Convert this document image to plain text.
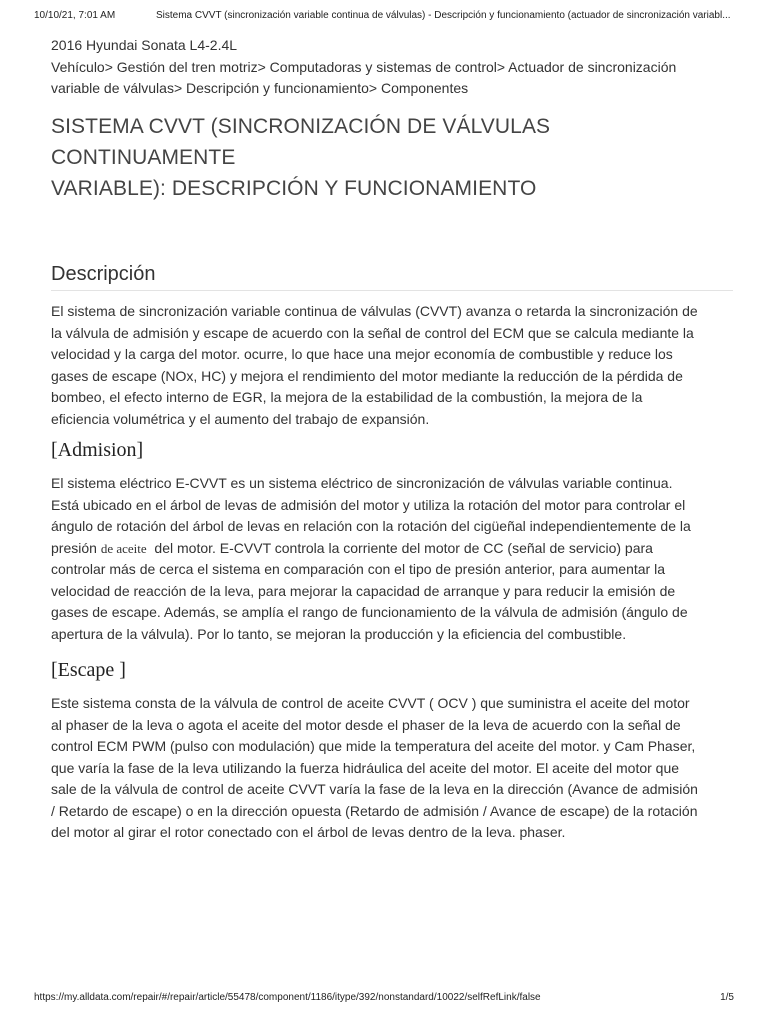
10/10/21, 7:01 AM	Sistema CVVT (sincronización variable continua de válvulas) - Descripción y funcionamiento (actuador de sincronización variabl...
2016 Hyundai Sonata L4-2.4L
Vehículo> Gestión del tren motriz> Computadoras y sistemas de control> Actuador de sincronización
variable de válvulas> Descripción y funcionamiento> Componentes
SISTEMA CVVT (SINCRONIZACIÓN DE VÁLVULAS CONTINUAMENTE
VARIABLE): DESCRIPCIÓN Y FUNCIONAMIENTO
Descripción

El sistema de sincronización variable continua de válvulas (CVVT) avanza o retarda la sincronización de
la válvula de admisión y escape de acuerdo con la señal de control del ECM que se calcula mediante la
velocidad y la carga del motor. ocurre, lo que hace una mejor economía de combustible y reduce los
gases de escape (NOx, HC) y mejora el rendimiento del motor mediante la reducción de la pérdida de
bombeo, el efecto interno de EGR, la mejora de la estabilidad de la combustión, la mejora de la
eficiencia volumétrica y el aumento del trabajo de expansión.

[Admision]

El sistema eléctrico E-CVVT es un sistema eléctrico de sincronización de válvulas variable continua.
Está ubicado en el árbol de levas de admisión del motor y utiliza la rotación del motor para controlar el
ángulo de rotación del árbol de levas en relación con la rotación del cigüeñal independientemente de la
presión de aceite  del motor. E-CVVT controla la corriente del motor de CC (señal de servicio) para
controlar más de cerca el sistema en comparación con el tipo de presión anterior, para aumentar la
velocidad de reacción de la leva, para mejorar la capacidad de arranque y para reducir la emisión de
gases de escape. Además, se amplía el rango de funcionamiento de la válvula de admisión (ángulo de
apertura de la válvula). Por lo tanto, se mejoran la producción y la eficiencia del combustible.

[Escape ]

Este sistema consta de la válvula de control de aceite CVVT ( OCV ) que suministra el aceite del motor
al phaser de la leva o agota el aceite del motor desde el phaser de la leva de acuerdo con la señal de
control ECM PWM (pulso con modulación) que mide la temperatura del aceite del motor. y Cam Phaser,
que varía la fase de la leva utilizando la fuerza hidráulica del aceite del motor. El aceite del motor que
sale de la válvula de control de aceite CVVT varía la fase de la leva en la dirección (Avance de admisión
/ Retardo de escape) o en la dirección opuesta (Retardo de admisión / Avance de escape) de la rotación
del motor al girar el rotor conectado con el árbol de levas dentro de la leva. phaser.

https://my.alldata.com/repair/#/repair/article/55478/component/1186/itype/392/nonstandard/10022/selfRefLink/false	1/5
